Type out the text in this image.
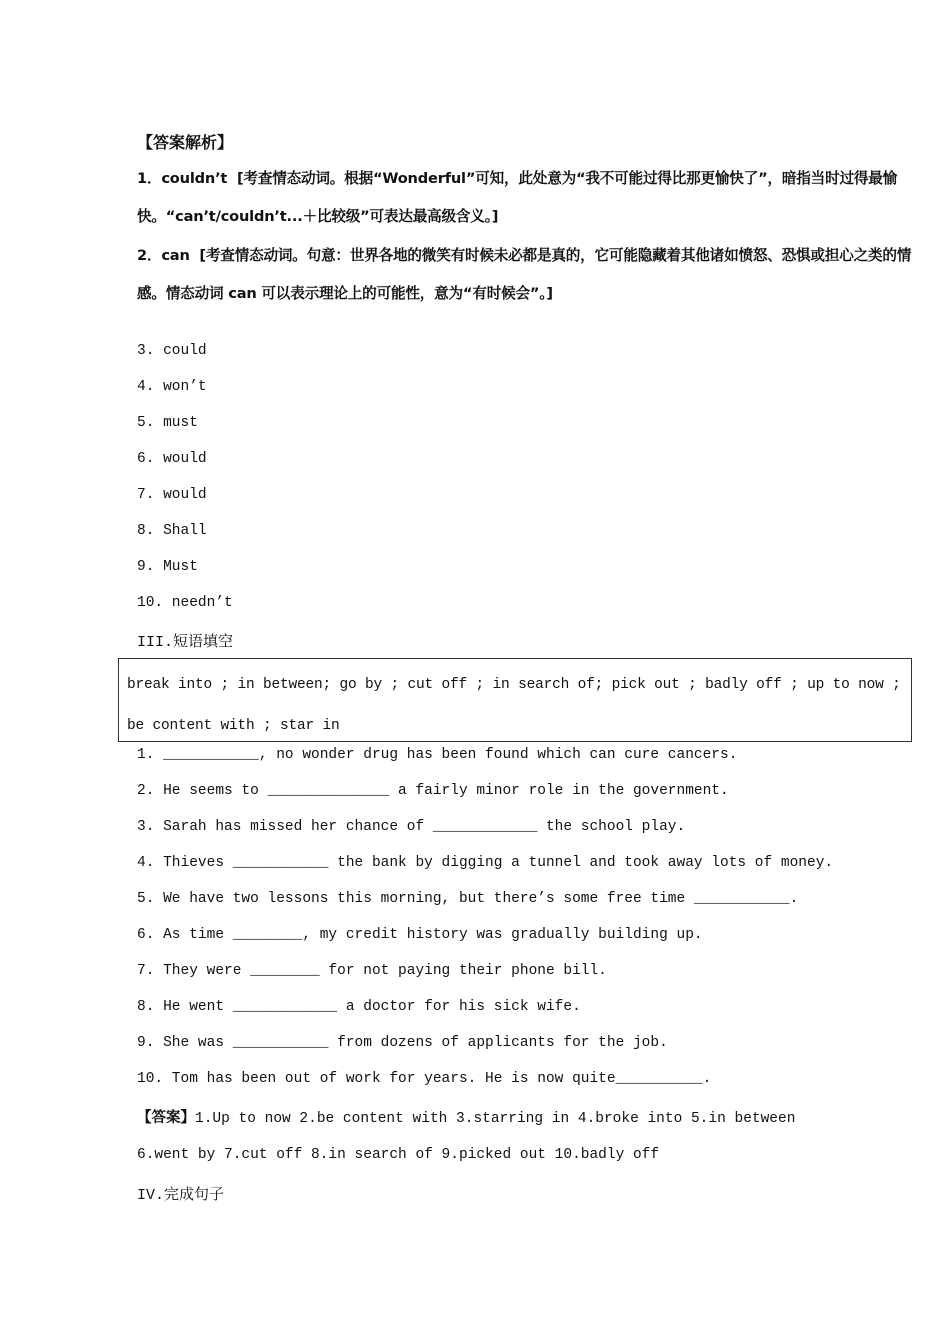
【答案解析】
1．couldn’t [考查情态动词。根据“Wonderful”可知，此处意为“我不可能过得比那更愉快了”，暗指当时过得最愉快。“can’t/couldn’t...＋比较级”可表达最高级含义。]
2．can [考查情态动词。句意：世界各地的微笑有时候未必都是真的，它可能隐藏着其他诸如愤怒、恐惧或担心之类的情感。情态动词 can 可以表示理论上的可能性，意为“有时候会”。]
3. could
4. won’t
5. must
6. would
7. would
8. Shall
9. Must
10. needn’t
III.短语填空
break into ; in between; go by ; cut off ; in search of; pick out ; badly off ; up to now ; be content with ; star in
1. ___________, no wonder drug has been found which can cure cancers.
2. He seems to ______________ a fairly minor role in the government.
3. Sarah has missed her chance of ____________ the school play.
4. Thieves ___________ the bank by digging a tunnel and took away lots of money.
5. We have two lessons this morning, but there’s some free time ___________.
6. As time ________, my credit history was gradually building up.
7. They were ________ for not paying their phone bill.
8. He went ____________ a doctor for his sick wife.
9. She was ___________ from dozens of applicants for the job.
10. Tom has been out of work for years. He is now quite__________.
【答案】1.Up to now 2.be content with 3.starring in 4.broke into 5.in between
6.went by 7.cut off 8.in search of 9.picked out 10.badly off
IV.完成句子
